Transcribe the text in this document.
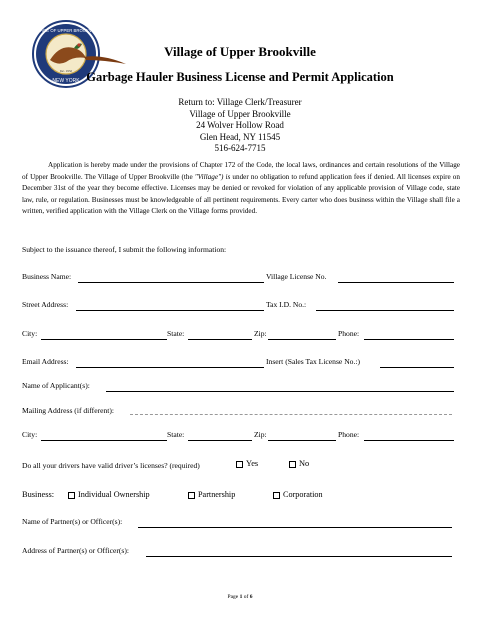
VILLAGE OF UPPER BROOKVILLE
NEW YORK
Inc. 1932
Village of Upper Brookville
Garbage Hauler Business License and Permit Application
Return to: Village Clerk/Treasurer
Village of Upper Brookville
24 Wolver Hollow Road
Glen Head, NY 11545
516-624-7715
Application is hereby made under the provisions of Chapter 172 of the Code, the local laws, ordinances and certain resolutions of the Village of Upper Brookville. The Village of Upper Brookville (the "Village") is under no obligation to refund application fees if denied. All licenses expire on December 31st of the year they become effective. Licenses may be denied or revoked for violation of any applicable provision of Village code, state law, rule, or regulation. Businesses must be knowledgeable of all pertinent requirements. Every carter who does business within the Village shall file a written, verified application with the Village Clerk on the Village forms provided.
Subject to the issuance thereof, I submit the following information:
Business Name:	Village License No.
Street Address:	Tax I.D. No.:
City:	State:	Zip:	Phone:
Email Address:	Insert (Sales Tax License No.:)
Name of Applicant(s):
Mailing Address (if different):
City:	State:	Zip:	Phone:
Do all your drivers have valid driver’s licenses? (required)	Yes	No
Business:	Individual Ownership	Partnership	Corporation
Name of Partner(s) or Officer(s):
Address of Partner(s) or Officer(s):
Page 1 of 6
